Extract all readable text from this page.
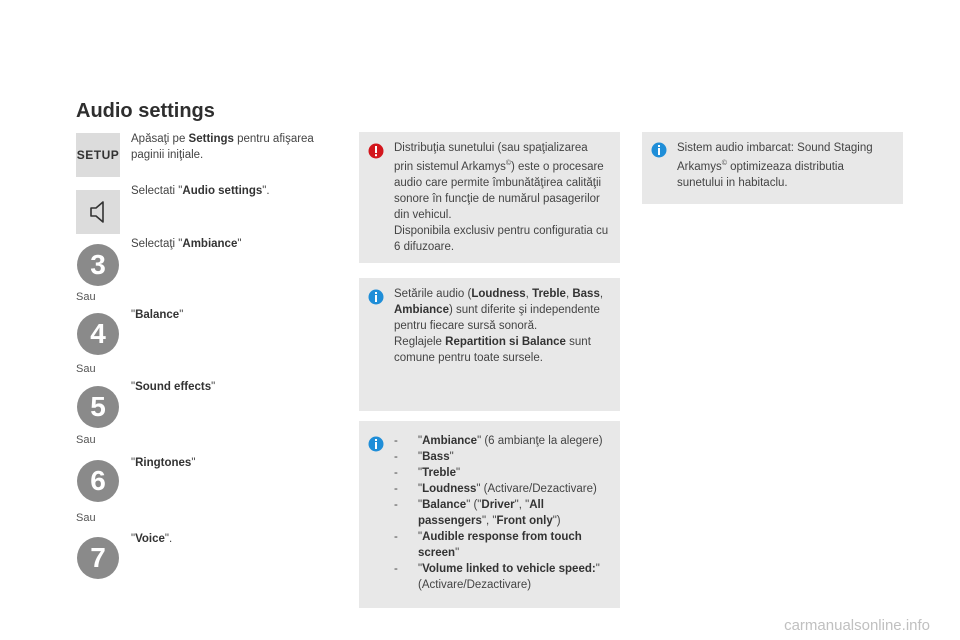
Audio settings
SETUP
Apăsaţi pe Settings pentru afişarea paginii iniţiale.
Selectati "Audio settings".
3
Selectaţi "Ambiance"
Sau
4
"Balance"
Sau
5
"Sound effects"
Sau
6
"Ringtones"
Sau
7
"Voice".
Distribuţia sunetului (sau spaţializarea prin sistemul Arkamys©) este o procesare audio care permite îmbunătăţirea calităţii sonore în funcţie de numărul pasagerilor din vehicul.
Disponibila exclusiv pentru configuratia cu 6 difuzoare.
Sistem audio imbarcat: Sound Staging Arkamys© optimizeaza distributia sunetului in habitaclu.
Setările audio (Loudness, Treble, Bass, Ambiance) sunt diferite şi independente pentru fiecare sursă sonoră.
Reglajele Repartition si Balance sunt comune pentru toate sursele.
- "Ambiance" (6 ambianţe la alegere)
- "Bass"
- "Treble"
- "Loudness" (Activare/Dezactivare)
- "Balance" ("Driver", "All passengers", "Front only")
- "Audible response from touch screen"
- "Volume linked to vehicle speed:" (Activare/Dezactivare)
carmanualsonline.info
